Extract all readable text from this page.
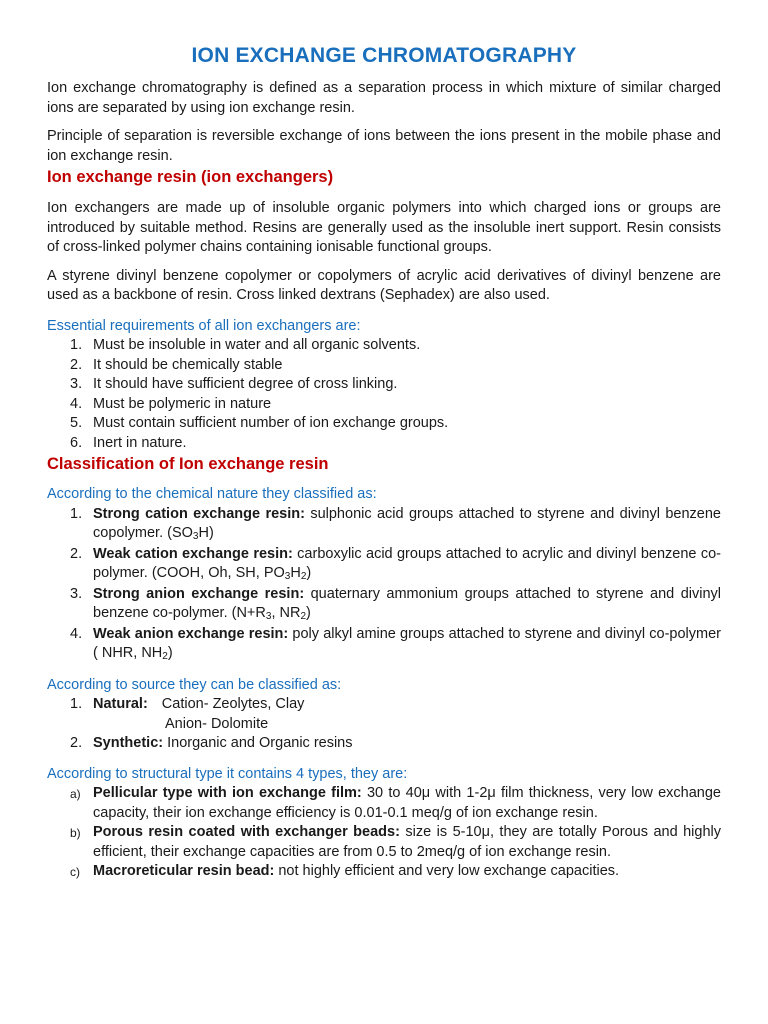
ION EXCHANGE CHROMATOGRAPHY

Ion exchange chromatography is defined as a separation process in which mixture of similar charged ions are separated by using ion exchange resin.

Principle of separation is reversible exchange of ions between the ions present in the mobile phase and ion exchange resin.

Ion exchange resin (ion exchangers)

Ion exchangers are made up of insoluble organic polymers into which charged ions or groups are introduced by suitable method. Resins are generally used as the insoluble inert support. Resin consists of cross-linked polymer chains containing ionisable functional groups.

A styrene divinyl benzene copolymer or copolymers of acrylic acid derivatives of divinyl benzene are used as a backbone of resin. Cross linked dextrans (Sephadex) are also used.

Essential requirements of all ion exchangers are:
1. Must be insoluble in water and all organic solvents.
2. It should be chemically stable
3. It should have sufficient degree of cross linking.
4. Must be polymeric in nature
5. Must contain sufficient number of ion exchange groups.
6. Inert in nature.
Classification of Ion exchange resin
According to the chemical nature they classified as:
1. Strong cation exchange resin: sulphonic acid groups attached to styrene and divinyl benzene copolymer. $(SO_3H)$
2. Weak cation exchange resin: carboxylic acid groups attached to acrylic and divinyl benzene co-polymer. (COOH, Oh, SH, $PO_3H_2$)
3. Strong anion exchange resin: quaternary ammonium groups attached to styrene and divinyl benzene co-polymer. ($N+R_3$, $NR_2$)
4. Weak anion exchange resin: poly alkyl amine groups attached to styrene and divinyl co-polymer ( NHR, $NH_2$)
According to source they can be classified as:
1. Natural: Cation- Zeolytes, Clay
Anion- Dolomite
2. Synthetic: Inorganic and Organic resins
According to structural type it contains 4 types, they are:
a) Pellicular type with ion exchange film: 30 to 40μ with 1-2μ film thickness, very low exchange capacity, their ion exchange efficiency is 0.01-0.1 meq/g of ion exchange resin.
b) Porous resin coated with exchanger beads: size is 5-10μ, they are totally Porous and highly efficient, their exchange capacities are from 0.5 to 2meq/g of ion exchange resin.
c) Macroreticular resin bead: not highly efficient and very low exchange capacities.
